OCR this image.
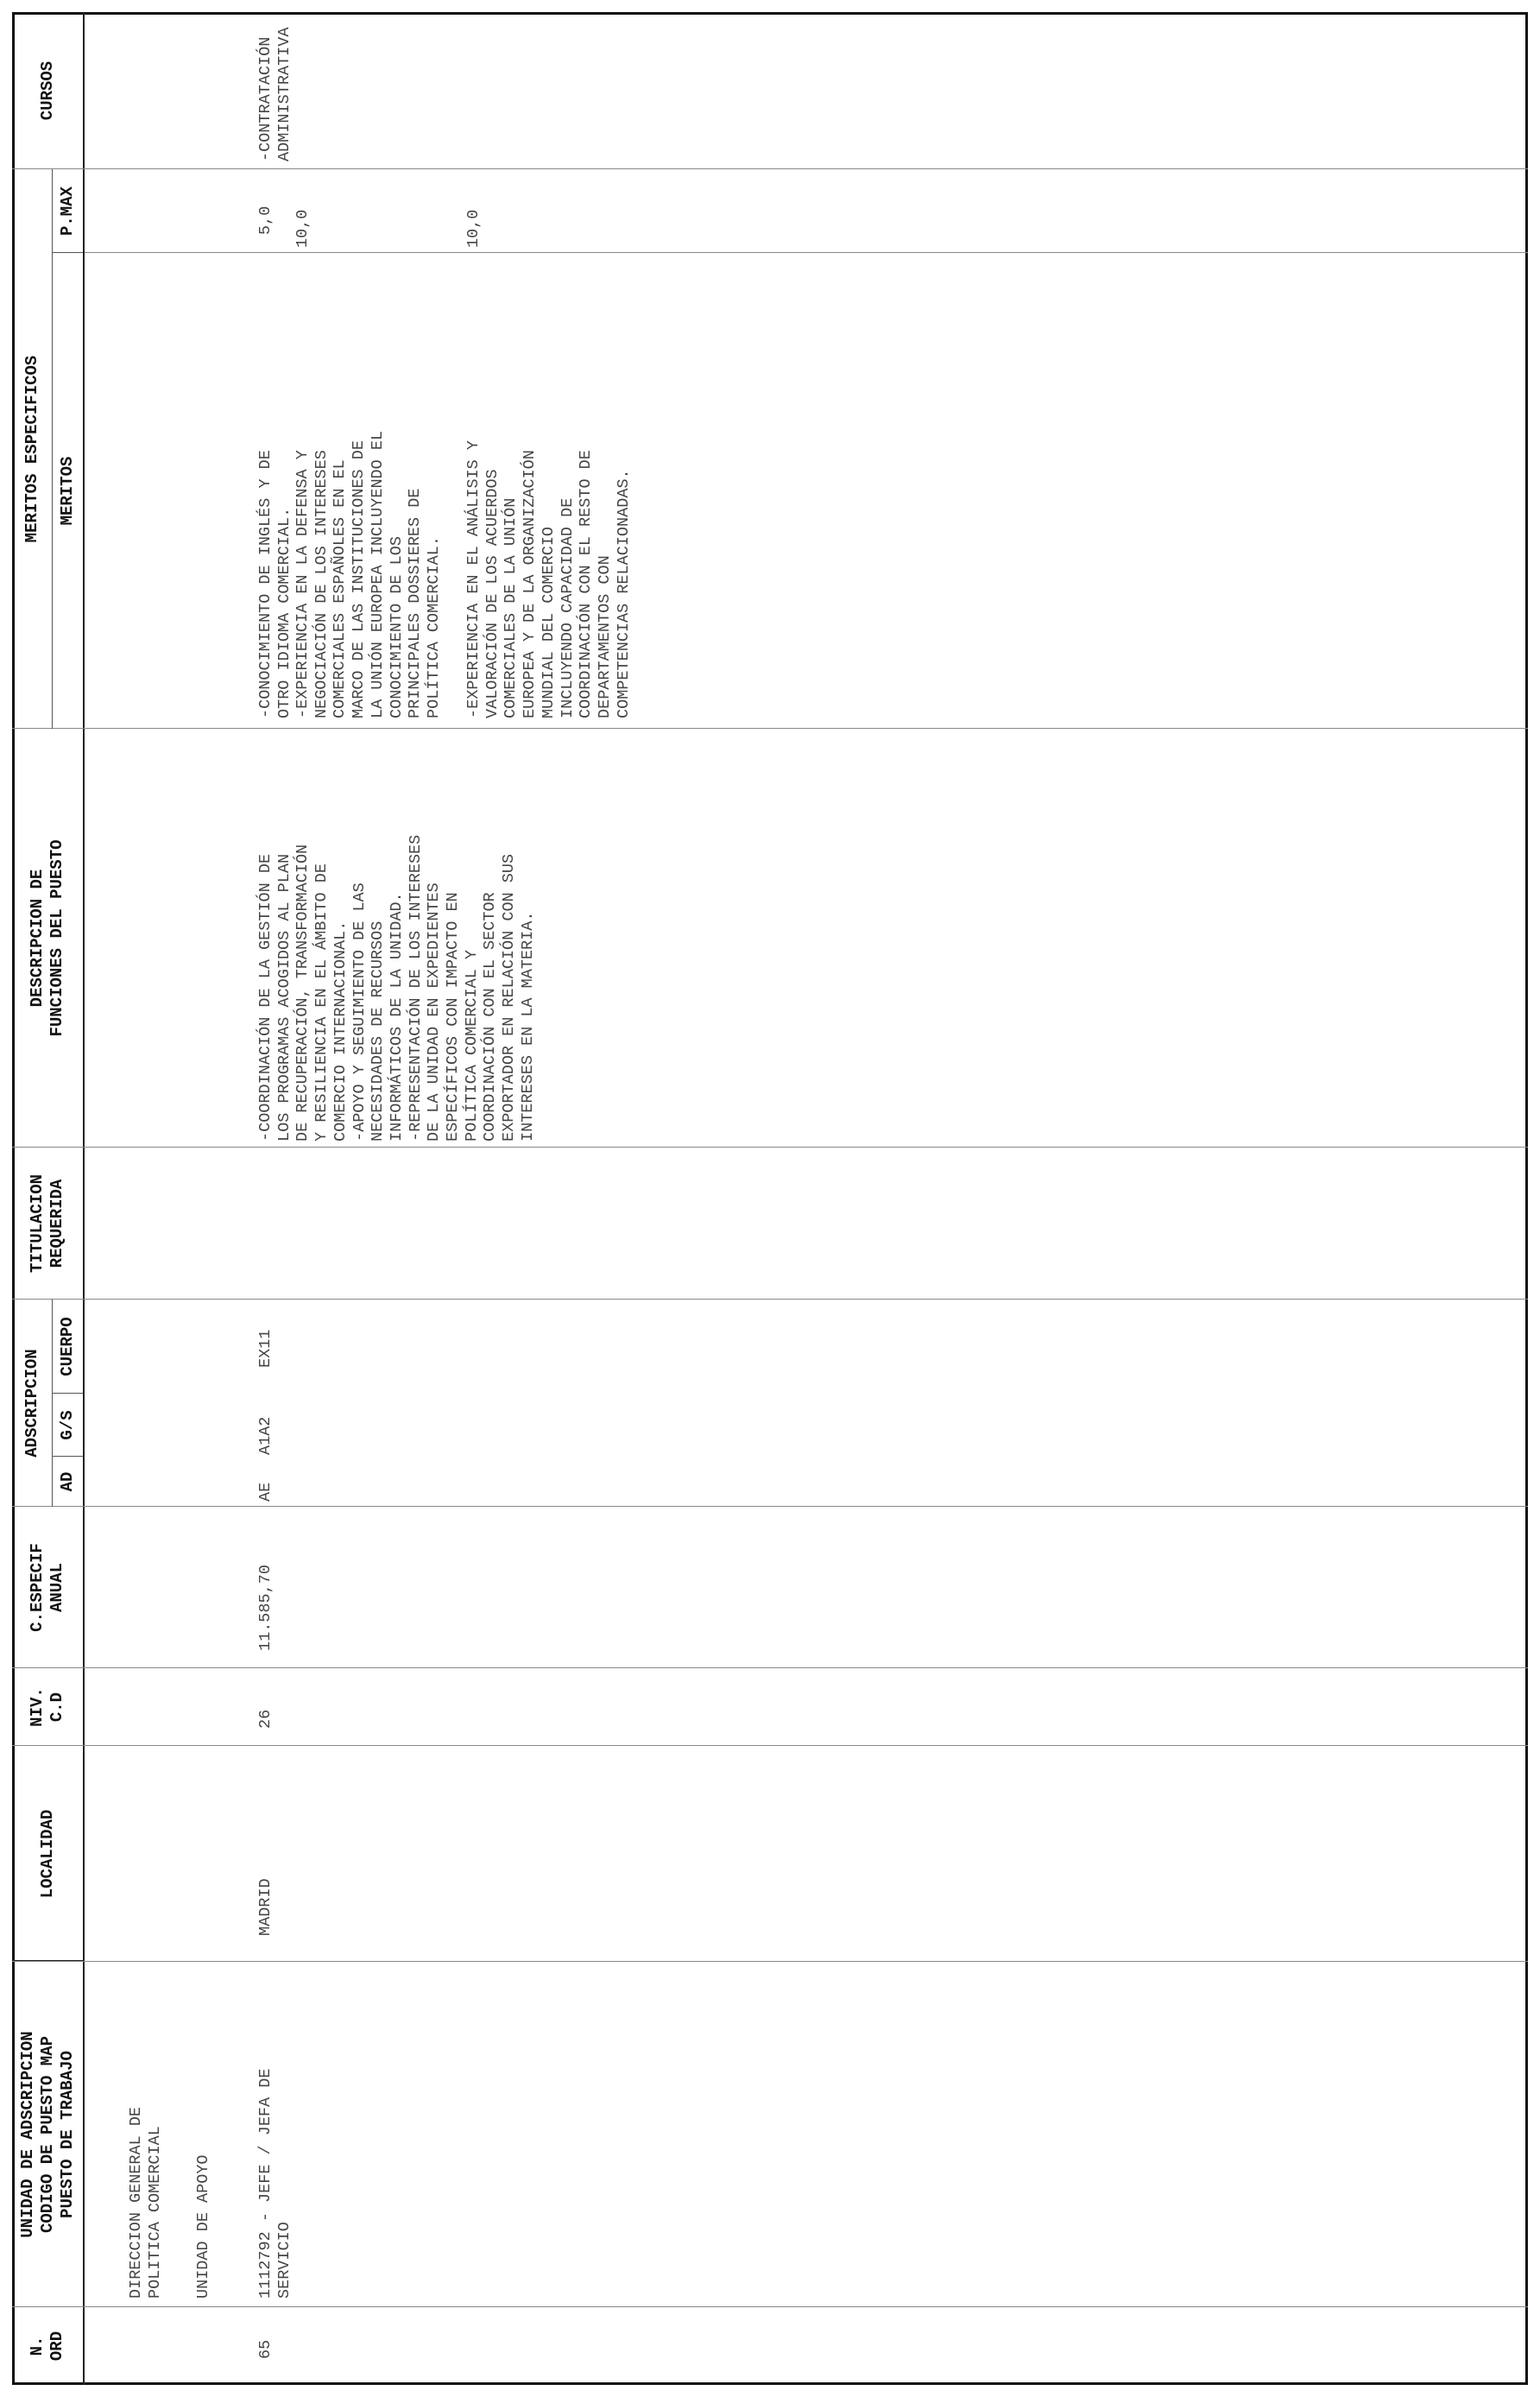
N.
ORD
UNIDAD DE ADSCRIPCION
CODIGO DE PUESTO MAP
PUESTO DE TRABAJO
LOCALIDAD
NIV.
C.D
C.ESPECIF
ANUAL
ADSCRIPCION
AD
G/S
CUERPO
TITULACION
REQUERIDA
DESCRIPCION DE
FUNCIONES DEL PUESTO
MERITOS ESPECIFICOS	MERITOS
P.MAX
CURSOS
DIRECCION GENERAL DE
POLITICA COMERCIAL UNIDAD DE APOYO
65
1112792 - JEFE / JEFA DE
SERVICIO
MADRID
26
11.585,70
AE
A1A2
EX11
-COORDINACIÓN DE LA GESTIÓN DE
LOS PROGRAMAS ACOGIDOS AL PLAN
DE RECUPERACIÓN, TRANSFORMACIÓN
Y RESILIENCIA EN EL ÁMBITO DE
COMERCIO INTERNACIONAL.
-APOYO Y SEGUIMIENTO DE LAS
NECESIDADES DE RECURSOS
INFORMÁTICOS DE LA UNIDAD.
-REPRESENTACIÓN DE LOS INTERESES
DE LA UNIDAD EN EXPEDIENTES
ESPECÍFICOS CON IMPACTO EN
POLÍTICA COMERCIAL Y
COORDINACIÓN CON EL SECTOR
EXPORTADOR EN RELACIÓN CON SUS
INTERESES EN LA MATERIA.
-CONOCIMIENTO DE INGLÉS Y DE
OTRO IDIOMA COMERCIAL.
5,0
-EXPERIENCIA EN LA DEFENSA Y
NEGOCIACIÓN DE LOS INTERESES
COMERCIALES ESPAÑOLES EN EL
MARCO DE LAS INSTITUCIONES DE
LA UNIÓN EUROPEA INCLUYENDO EL
CONOCIMIENTO DE LOS
PRINCIPALES DOSSIERES DE
POLÍTICA COMERCIAL.
10,0
-EXPERIENCIA EN EL ANÁLISIS Y
VALORACIÓN DE LOS ACUERDOS
COMERCIALES DE LA UNIÓN
EUROPEA Y DE LA ORGANIZACIÓN
MUNDIAL DEL COMERCIO
INCLUYENDO CAPACIDAD DE
COORDINACIÓN CON EL RESTO DE
DEPARTAMENTOS CON
COMPETENCIAS RELACIONADAS.
10,0
-CONTRATACIÓN
ADMINISTRATIVA
